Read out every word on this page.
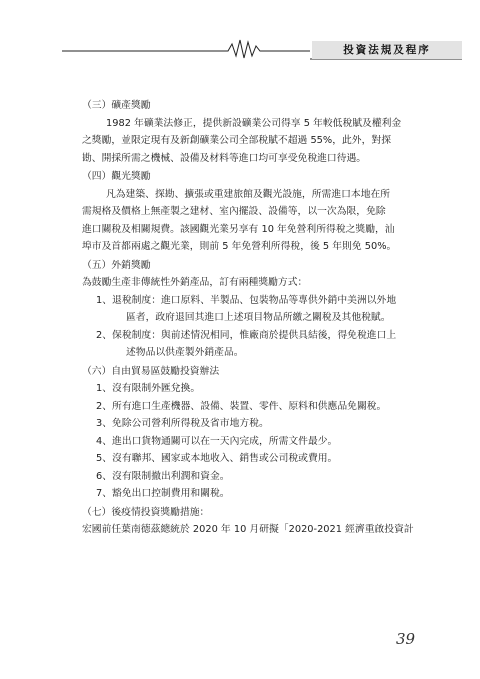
投資法規及程序
（三）礦產獎勵
1982 年礦業法修正，提供新設礦業公司得享 5 年較低稅賦及權利金
之獎勵，並限定現有及新創礦業公司全部稅賦不超過 55%，此外，對探
勘、開採所需之機械、設備及材料等進口均可享受免稅進口待遇。
（四）觀光獎勵
凡為建築、探勘、擴張或重建旅館及觀光設施，所需進口本地在所
需規格及價格上無產製之建材、室內擺設、設備等，以一次為限，免除
進口關稅及相關規費。該國觀光業另享有 10 年免營利所得稅之獎勵，汕
埠市及首都兩處之觀光業，則前 5 年免營利所得稅，後 5 年則免 50%。
（五）外銷獎勵
為鼓勵生產非傳統性外銷產品，訂有兩種獎勵方式：
1、退稅制度：進口原料、半製品、包裝物品等專供外銷中美洲以外地
區者，政府退回其進口上述項目物品所繳之關稅及其他稅賦。
2、保稅制度：與前述情況相同，惟廠商於提供具結後，得免稅進口上
述物品以供產製外銷產品。
（六）自由貿易區鼓勵投資辦法
1、沒有限制外匯兌換。
2、所有進口生產機器、設備、裝置、零件、原料和供應品免關稅。
3、免除公司營利所得稅及省市地方稅。
4、進出口貨物通關可以在一天內完成，所需文件最少。
5、沒有聯邦、國家或本地收入、銷售或公司稅或費用。
6、沒有限制撤出利潤和資金。
7、豁免出口控制費用和關稅。
（七）後疫情投資獎勵措施：
宏國前任葉南德茲總統於 2020 年 10 月研擬「2020-2021 經濟重啟投資計
39
